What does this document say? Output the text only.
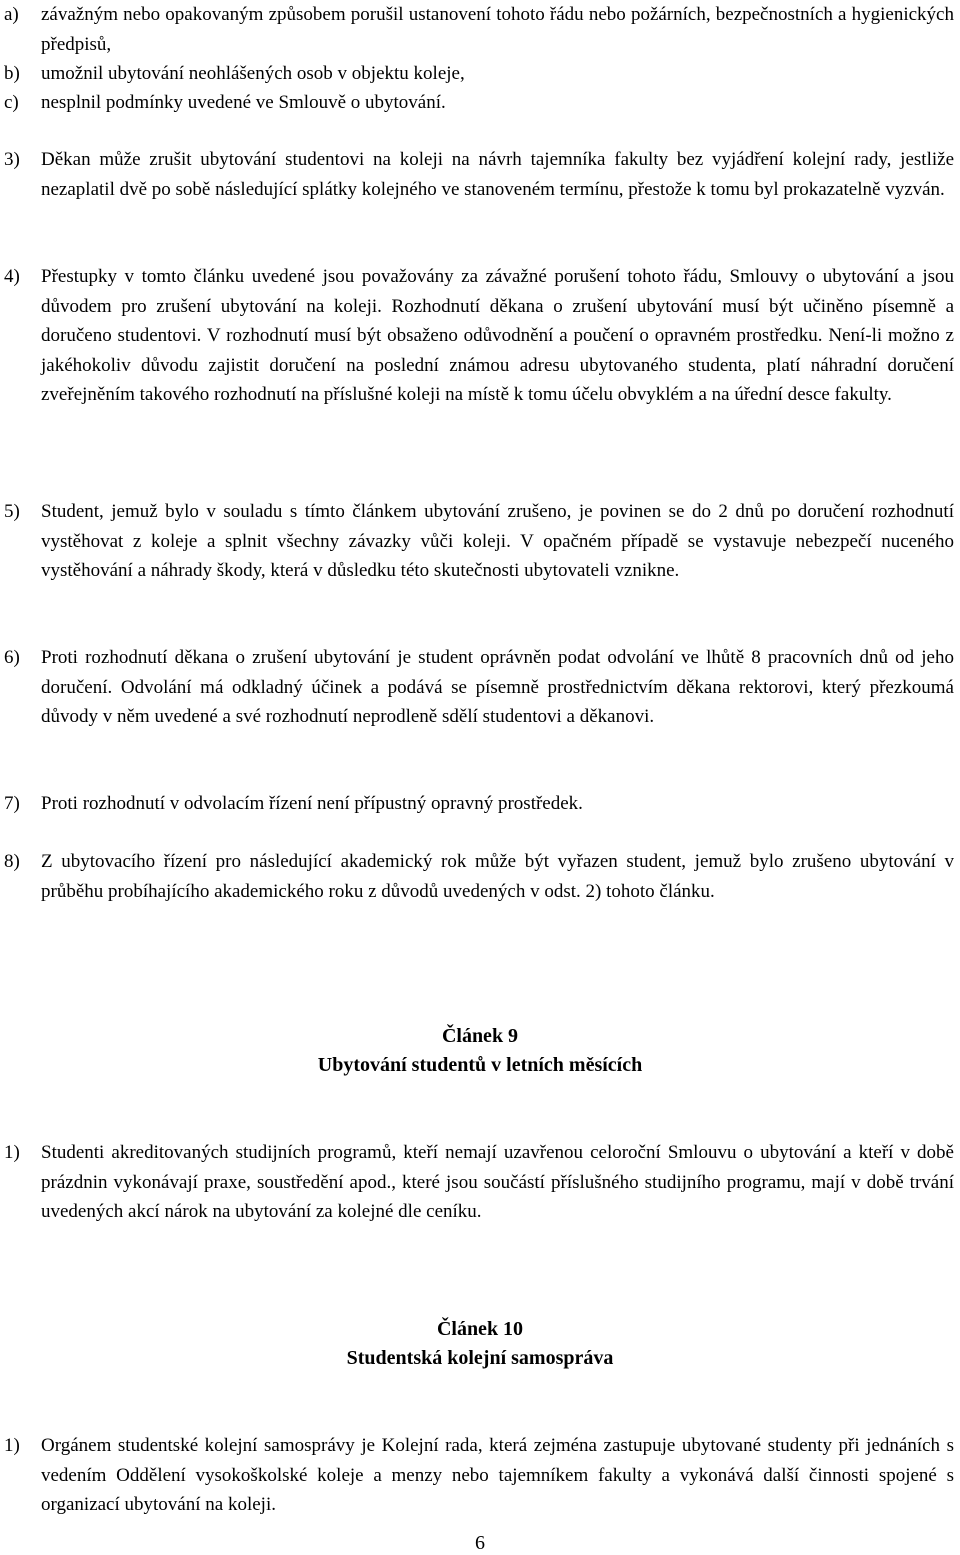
a) závažným nebo opakovaným způsobem porušil ustanovení tohoto řádu nebo požárních, bezpečnostních a hygienických předpisů,
b) umožnil ubytování neohlášených osob v objektu koleje,
c) nesplnil podmínky uvedené ve Smlouvě o ubytování.
3) Děkan může zrušit ubytování studentovi na koleji na návrh tajemníka fakulty bez vyjádření kolejní rady, jestliže nezaplatil dvě po sobě následující splátky kolejného ve stanoveném termínu, přestože k tomu byl prokazatelně vyzván.
4) Přestupky v tomto článku uvedené jsou považovány za závažné porušení tohoto řádu, Smlouvy o ubytování a jsou důvodem pro zrušení ubytování na koleji. Rozhodnutí děkana o zrušení ubytování musí být učiněno písemně a doručeno studentovi. V rozhodnutí musí být obsaženo odůvodnění a poučení o opravném prostředku. Není-li možno z jakéhokoliv důvodu zajistit doručení na poslední známou adresu ubytovaného studenta, platí náhradní doručení zveřejněním takového rozhodnutí na příslušné koleji na místě k tomu účelu obvyklém a na úřední desce fakulty.
5) Student, jemuž bylo v souladu s tímto článkem ubytování zrušeno, je povinen se do 2 dnů po doručení rozhodnutí vystěhovat z koleje a splnit všechny závazky vůči koleji. V opačném případě se vystavuje nebezpečí nuceného vystěhování a náhrady škody, která v důsledku této skutečnosti ubytovateli vznikne.
6) Proti rozhodnutí děkana o zrušení ubytování je student oprávněn podat odvolání ve lhůtě 8 pracovních dnů od jeho doručení. Odvolání má odkladný účinek a podává se písemně prostřednictvím děkana rektorovi, který přezkoumá důvody v něm uvedené a své rozhodnutí neprodleně sdělí studentovi a děkanovi.
7) Proti rozhodnutí v odvolacím řízení není přípustný opravný prostředek.
8) Z ubytovacího řízení pro následující akademický rok může být vyřazen student, jemuž bylo zrušeno ubytování v průběhu probíhajícího akademického roku z důvodů uvedených v odst. 2) tohoto článku.
Článek 9
Ubytování studentů v letních měsících
1) Studenti akreditovaných studijních programů, kteří nemají uzavřenou celoroční Smlouvu o ubytování a kteří v době prázdnin vykonávají praxe, soustředění apod., které jsou součástí příslušného studijního programu, mají v době trvání uvedených akcí nárok na ubytování za kolejné dle ceníku.
Článek 10
Studentská kolejní samospráva
1) Orgánem studentské kolejní samosprávy je Kolejní rada, která zejména zastupuje ubytované studenty při jednáních s vedením Oddělení vysokoškolské koleje a menzy nebo tajemníkem fakulty a vykonává další činnosti spojené s organizací ubytování na koleji.
6
